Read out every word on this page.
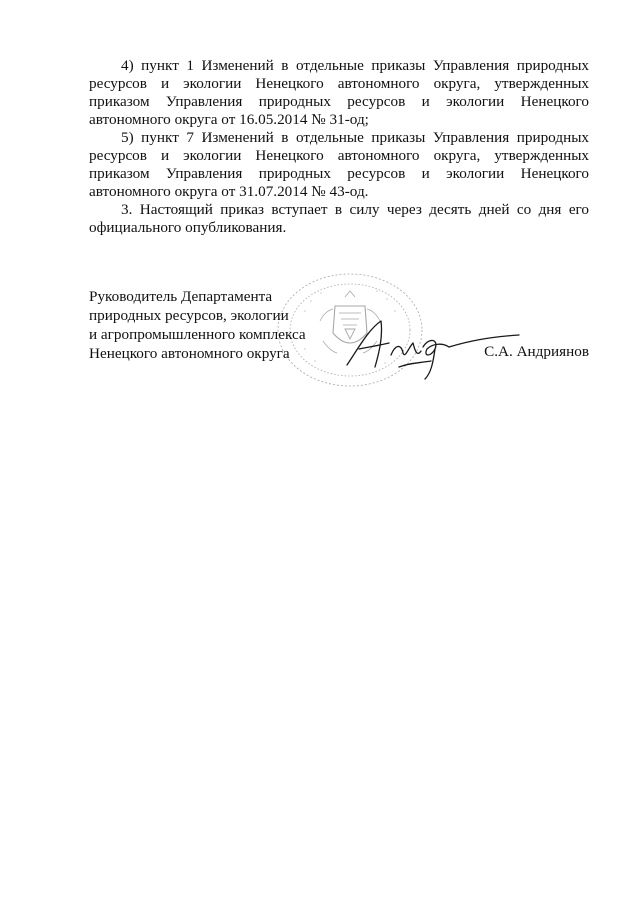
4) пункт 1 Изменений в отдельные приказы Управления природных ресурсов и экологии Ненецкого автономного округа, утвержденных приказом Управления природных ресурсов и экологии Ненецкого автономного округа от 16.05.2014 № 31-од;

5) пункт 7 Изменений в отдельные приказы Управления природных ресурсов и экологии Ненецкого автономного округа, утвержденных приказом Управления природных ресурсов и экологии Ненецкого автономного округа от 31.07.2014 № 43-од.

3. Настоящий приказ вступает в силу через десять дней со дня его официального опубликования.

Руководитель Департамента
природных ресурсов, экологии
и агропромышленного комплекса
Ненецкого автономного округа	С.А. Андриянов
